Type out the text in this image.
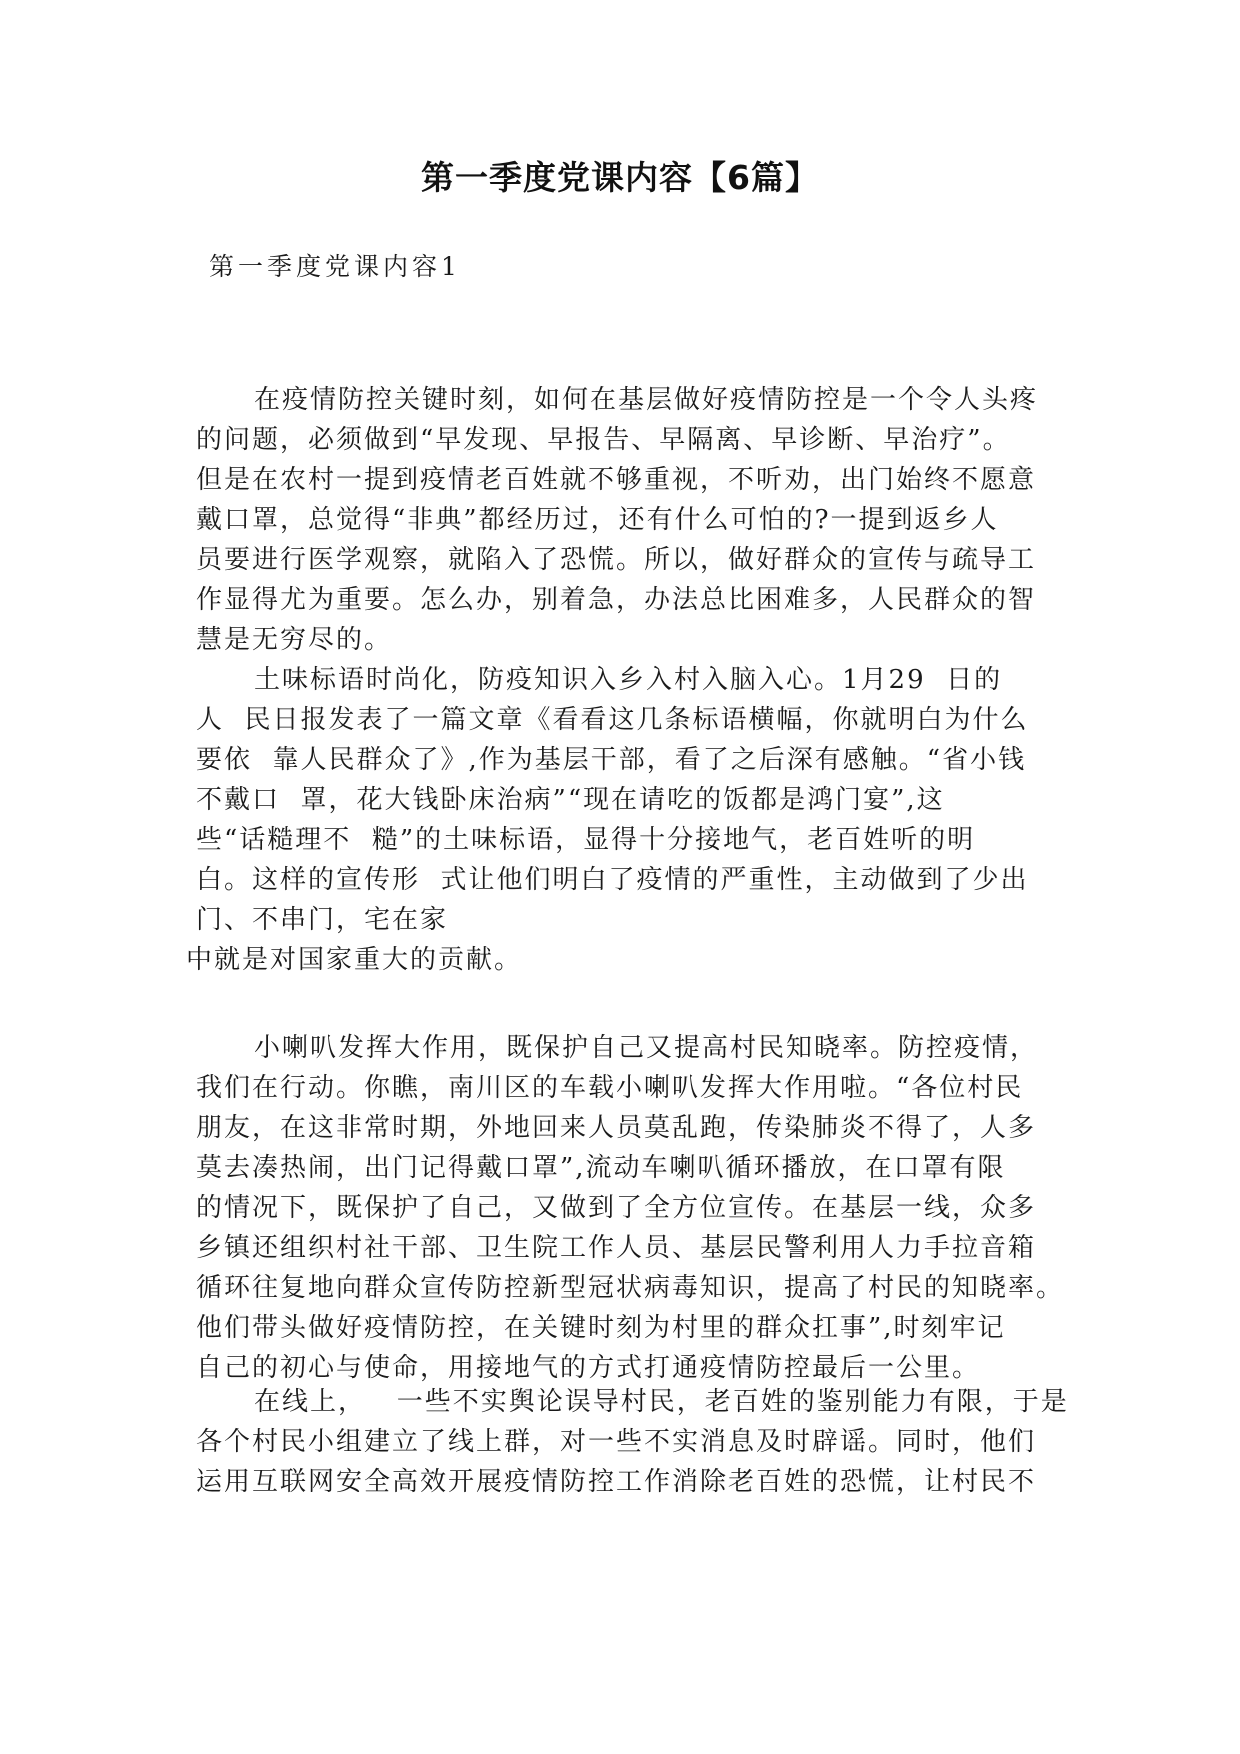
第一季度党课内容【6篇】

第一季度党课内容1

在疫情防控关键时刻，如何在基层做好疫情防控是一个令人头疼
的问题，必须做到“早发现、早报告、早隔离、早诊断、早治疗”。
但是在农村一提到疫情老百姓就不够重视，不听劝，出门始终不愿意
戴口罩，总觉得“非典”都经历过，还有什么可怕的?一提到返乡人
员要进行医学观察，就陷入了恐慌。所以，做好群众的宣传与疏导工
作显得尤为重要。怎么办，别着急，办法总比困难多，人民群众的智
慧是无穷尽的。
土味标语时尚化，防疫知识入乡入村入脑入心。1月29  日的
人  民日报发表了一篇文章《看看这几条标语横幅，你就明白为什么
要依  靠人民群众了》,作为基层干部，看了之后深有感触。“省小钱
不戴口  罩，花大钱卧床治病”“现在请吃的饭都是鸿门宴”,这
些“话糙理不  糙”的土味标语，显得十分接地气，老百姓听的明
白。这样的宣传形  式让他们明白了疫情的严重性，主动做到了少出
门、不串门，宅在家
中就是对国家重大的贡献。
小喇叭发挥大作用，既保护自己又提高村民知晓率。防控疫情，
我们在行动。你瞧，南川区的车载小喇叭发挥大作用啦。“各位村民
朋友，在这非常时期，外地回来人员莫乱跑，传染肺炎不得了，人多
莫去凑热闹，出门记得戴口罩”,流动车喇叭循环播放，在口罩有限
的情况下，既保护了自己，又做到了全方位宣传。在基层一线，众多
乡镇还组织村社干部、卫生院工作人员、基层民警利用人力手拉音箱
循环往复地向群众宣传防控新型冠状病毒知识，提高了村民的知晓率。
他们带头做好疫情防控，在关键时刻为村里的群众扛事”,时刻牢记
自己的初心与使命，用接地气的方式打通疫情防控最后一公里。
在线上，   一些不实舆论误导村民，老百姓的鉴别能力有限，于是
各个村民小组建立了线上群，对一些不实消息及时辟谣。同时，他们
运用互联网安全高效开展疫情防控工作消除老百姓的恐慌，让村民不
